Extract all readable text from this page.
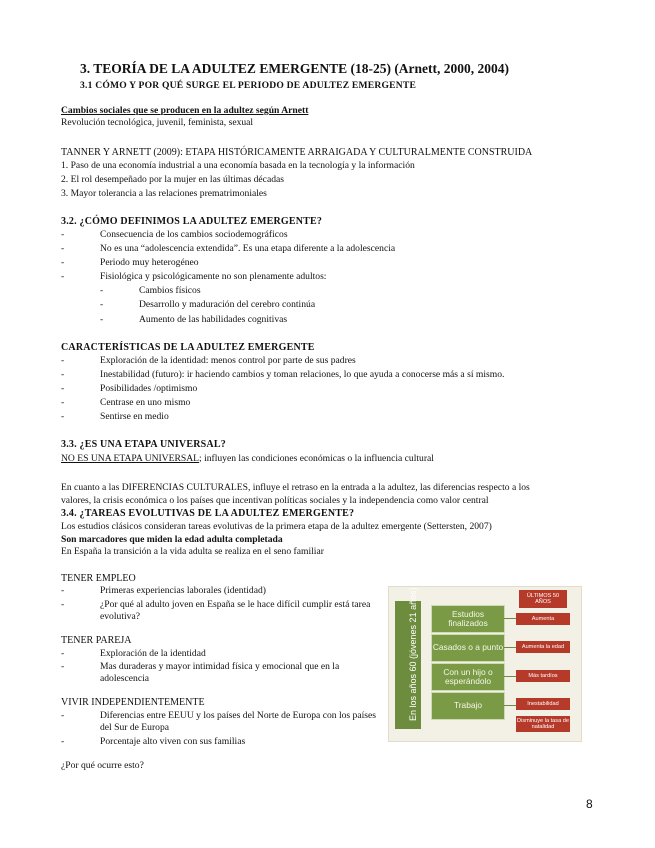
3. TEORÍA DE LA ADULTEZ EMERGENTE (18-25) (Arnett, 2000, 2004)
3.1 CÓMO Y POR QUÉ SURGE EL PERIODO DE ADULTEZ EMERGENTE
Cambios sociales que se producen en la adultez según Arnett
Revolución tecnológica, juvenil, feminista, sexual
TANNER Y ARNETT (2009): ETAPA HISTÓRICAMENTE ARRAIGADA Y CULTURALMENTE CONSTRUIDA
1. Paso de una economía industrial a una economía basada en la tecnología y la información
2. El rol desempeñado por la mujer en las últimas décadas
3. Mayor tolerancia a las relaciones prematrimoniales
3.2. ¿CÓMO DEFINIMOS LA ADULTEZ EMERGENTE?
- Consecuencia de los cambios sociodemográficos
- No es una “adolescencia extendida”. Es una etapa diferente a la adolescencia
- Periodo muy heterogéneo
- Fisiológica y psicológicamente no son plenamente adultos:
- Cambios físicos
- Desarrollo y maduración del cerebro continúa
- Aumento de las habilidades cognitivas
CARACTERÍSTICAS DE LA ADULTEZ EMERGENTE
- Exploración de la identidad: menos control por parte de sus padres
- Inestabilidad (futuro): ir haciendo cambios y toman relaciones, lo que ayuda a conocerse más a sí mismo.
- Posibilidades /optimismo
- Centrase en uno mismo
- Sentirse en medio
3.3. ¿ES UNA ETAPA UNIVERSAL?
NO ES UNA ETAPA UNIVERSAL; influyen las condiciones económicas o la influencia cultural
En cuanto a las DIFERENCIAS CULTURALES, influye el retraso en la entrada a la adultez, las diferencias respecto a los
valores, la crisis económica o los países que incentivan políticas sociales y la independencia como valor central
3.4. ¿TAREAS EVOLUTIVAS DE LA ADULTEZ EMERGENTE?
Los estudios clásicos consideran tareas evolutivas de la primera etapa de la adultez emergente (Settersten, 2007)
Son marcadores que miden la edad adulta completada
En España la transición a la vida adulta se realiza en el seno familiar
TENER EMPLEO
- Primeras experiencias laborales (identidad)
- ¿Por qué al adulto joven en España se le hace difícil cumplir está tarea evolutiva?
TENER PAREJA
- Exploración de la identidad
- Mas duraderas y mayor intimidad física y emocional que en la adolescencia
VIVIR INDEPENDIENTEMENTE
- Diferencias entre EEUU y los países del Norte de Europa con los países del Sur de Europa
- Porcentaje alto viven con sus familias
¿Por qué ocurre esto?
En los años 60 (jóvenes 21 años)	ÚLTIMOS 50 AÑOS
Estudios finalizados
Casados o a punto
Con un hijo o esperándolo
Trabajo
Aumenta
Aumenta la edad
Más tardíos
Inestabilidad
Disminuye la tasa de natalidad
8
